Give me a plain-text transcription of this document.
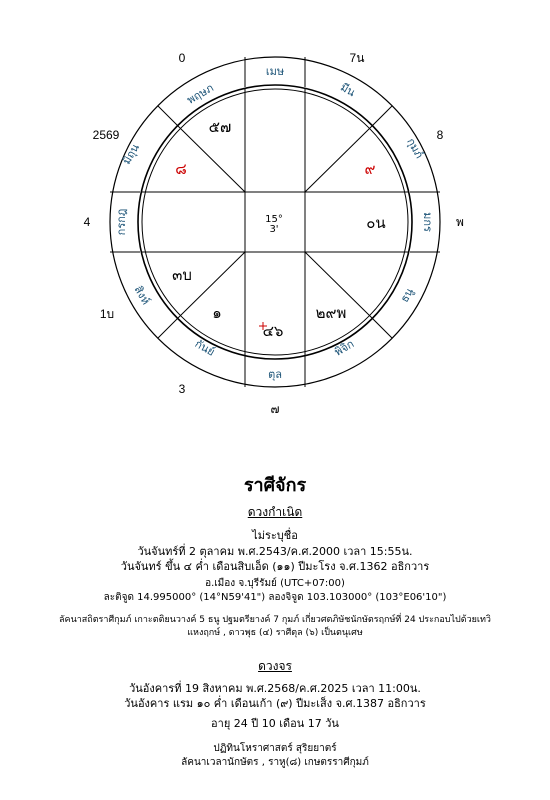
0	7น
8
พ
2569
4
1บ
3
๗
เมษ
พฤษภ
มิถุน
กรกฎ
สิงห์
กันย์
ตุล
พิจิก
ธนู
มกร
กุมภ์
มีน
๕๗
๘	๙
๐น
๓บ
๑
๔๖
๒๙พ
15°
3'
ราศีจักร
ดวงกำเนิด
ไม่ระบุชื่อ
วันจันทร์ที่ 2 ตุลาคม พ.ศ.2543/ค.ศ.2000 เวลา 15:55น.
วันจันทร์ ขึ้น ๔ ค่ำ เดือนสิบเอ็ด (๑๑) ปีมะโรง จ.ศ.1362 อธิกวาร
อ.เมือง จ.บุรีรัมย์ (UTC+07:00)
ละติจูด 14.995000° (14°N59'41") ลองจิจูด 103.103000° (103°E06'10")
ลัคนาสถิตราศีกุมภ์ เกาะตติยนวางค์ 5 ธนู ปฐมตรียางค์ 7 กุมภ์ เกี่ยวศตภิษัชนักษัตรฤกษ์ที่ 24 ประกอบไปด้วยเทวิ
แหงฤกษ์ , ดาวพุธ (๔) ราศีตุล (๖) เป็นตนุเศษ
ดวงจร
วันอังคารที่ 19 สิงหาคม พ.ศ.2568/ค.ศ.2025 เวลา 11:00น.
วันอังคาร แรม ๑๐ ค่ำ เดือนเก้า (๙) ปีมะเส็ง จ.ศ.1387 อธิกวาร
อายุ 24 ปี 10 เดือน 17 วัน
ปฏิทินโหราศาสตร์ สุริยยาตร์
ลัคนาเวลานักษัตร , ราหู(๘) เกษตรราศีกุมภ์
